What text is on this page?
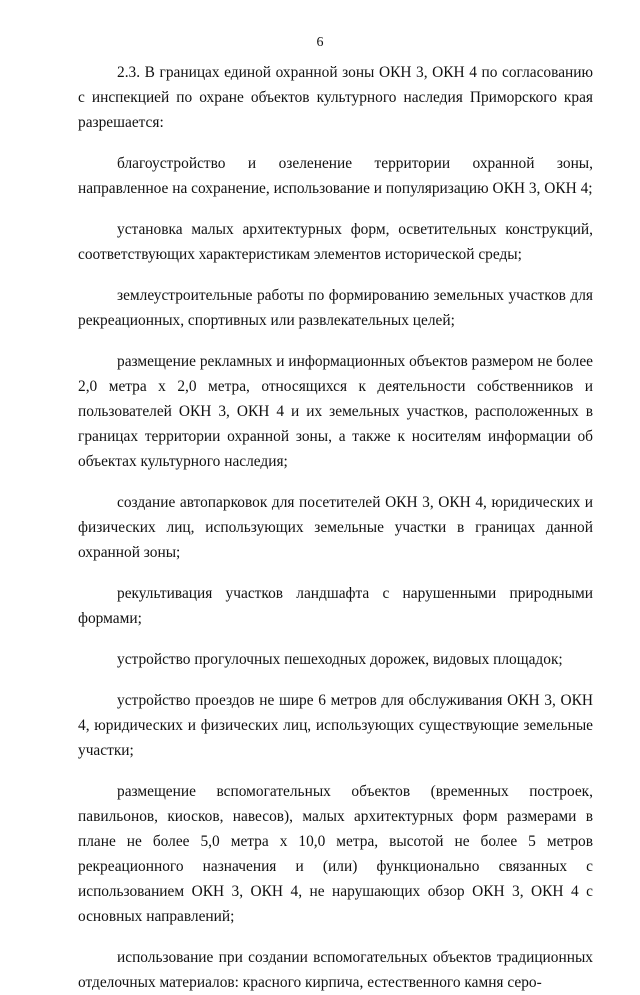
6

2.3. В границах единой охранной зоны ОКН 3, ОКН 4 по согласованию с инспекцией по охране объектов культурного наследия Приморского края разрешается:

благоустройство и озеленение территории охранной зоны, направленное на сохранение, использование и популяризацию ОКН 3, ОКН 4;

установка малых архитектурных форм, осветительных конструкций, соответствующих характеристикам элементов исторической среды;

землеустроительные работы по формированию земельных участков для рекреационных, спортивных или развлекательных целей;

размещение рекламных и информационных объектов размером не более 2,0 метра х 2,0 метра, относящихся к деятельности собственников и пользователей ОКН 3, ОКН 4 и их земельных участков, расположенных в границах территории охранной зоны, а также к носителям информации об объектах культурного наследия;

создание автопарковок для посетителей ОКН 3, ОКН 4, юридических и физических лиц, использующих земельные участки в границах данной охранной зоны;

рекультивация участков ландшафта с нарушенными природными формами;

устройство прогулочных пешеходных дорожек, видовых площадок;

устройство проездов не шире 6 метров для обслуживания ОКН 3, ОКН 4, юридических и физических лиц, использующих существующие земельные участки;

размещение вспомогательных объектов (временных построек, павильонов, киосков, навесов), малых архитектурных форм размерами в плане не более 5,0 метра х 10,0 метра, высотой не более 5 метров рекреационного назначения и (или) функционально связанных с использованием ОКН 3, ОКН 4, не нарушающих обзор ОКН 3, ОКН 4 с основных направлений;

использование при создании вспомогательных объектов традиционных отделочных материалов: красного кирпича, естественного камня серо-
